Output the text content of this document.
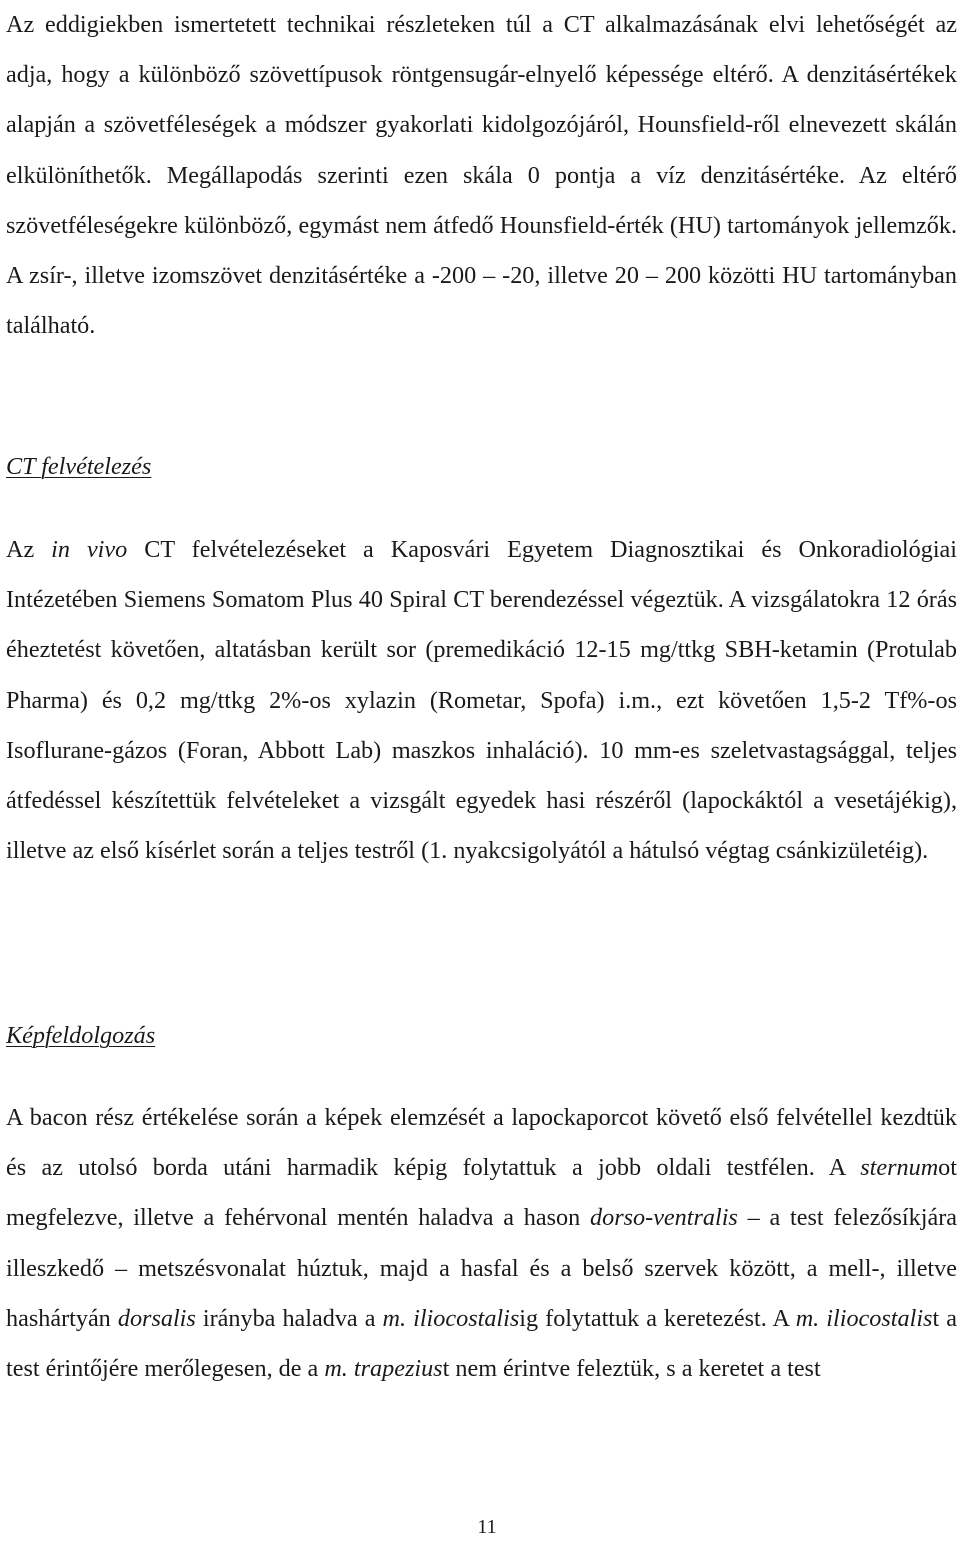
Az eddigiekben ismertetett technikai részleteken túl a CT alkalmazásának elvi lehetőségét az adja, hogy a különböző szövettípusok röntgensugár-elnyelő képessége eltérő. A denzitásértékek alapján a szövetféleségek a módszer gyakorlati kidolgozójáról, Hounsfield-ről elnevezett skálán elkülöníthetők. Megállapodás szerinti ezen skála 0 pontja a víz denzitásértéke. Az eltérő szövetféleségekre különböző, egymást nem átfedő Hounsfield-érték (HU) tartományok jellemzők. A zsír-, illetve izomszövet denzitásértéke a -200 – -20, illetve 20 – 200 közötti HU tartományban található.

CT felvételezés

Az in vivo CT felvételezéseket a Kaposvári Egyetem Diagnosztikai és Onkoradiológiai Intézetében Siemens Somatom Plus 40 Spiral CT berendezéssel végeztük. A vizsgálatokra 12 órás éheztetést követően, altatásban került sor (premedikáció 12-15 mg/ttkg SBH-ketamin (Protulab Pharma) és 0,2 mg/ttkg 2%-os xylazin (Rometar, Spofa) i.m., ezt követően 1,5-2 Tf%-os Isoflurane-gázos (Foran, Abbott Lab) maszkos inhaláció). 10 mm-es szeletvastagsággal, teljes átfedéssel készítettük felvételeket a vizsgált egyedek hasi részéről (lapockáktól a vesetájékig), illetve az első kísérlet során a teljes testről (1. nyakcsigolyától a hátulsó végtag csánkizületéig).

Képfeldolgozás

A bacon rész értékelése során a képek elemzését a lapockaporcot követő első felvétellel kezdtük és az utolsó borda utáni harmadik képig folytattuk a jobb oldali testfélen. A sternumot megfelezve, illetve a fehérvonal mentén haladva a hason dorso-ventralis – a test felezősíkjára illeszkedő – metszésvonalat húztuk, majd a hasfal és a belső szervek között, a mell-, illetve hashártyán dorsalis irányba haladva a m. iliocostalisig folytattuk a keretezést. A m. iliocostalist a test érintőjére merőlegesen, de a m. trapeziust nem érintve feleztük, s a keretet a test

11
